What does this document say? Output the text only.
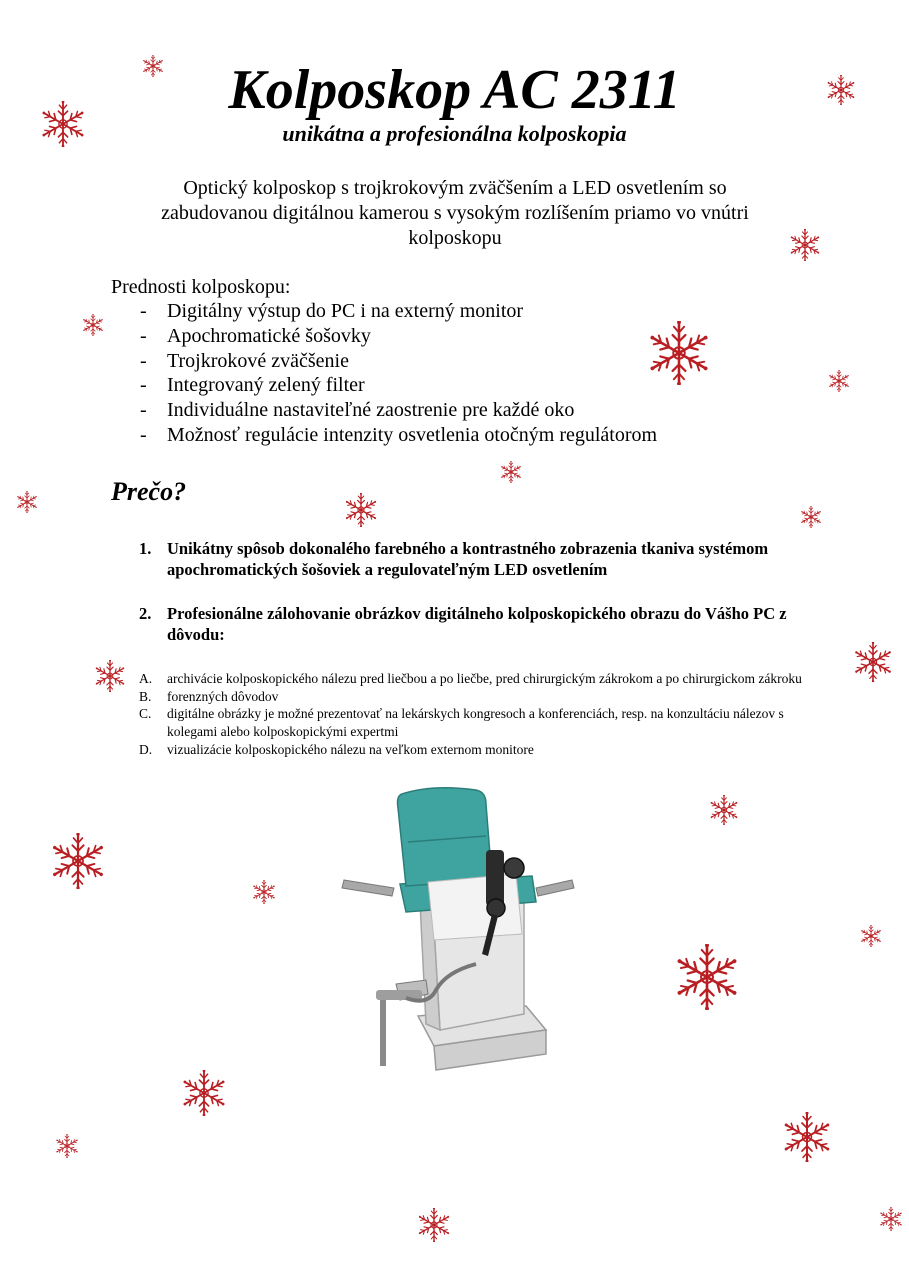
Kolposkop AC 2311
unikátna a profesionálna kolposkopia

Optický kolposkop s trojkrokovým zväčšením a LED osvetlením so zabudovanou digitálnou kamerou s vysokým rozlíšením priamo vo vnútri kolposkopu

Prednosti kolposkopu:
- Digitálny výstup do PC i na externý monitor
- Apochromatické šošovky
- Trojkrokové zväčšenie
- Integrovaný zelený filter
- Individuálne nastaviteľné zaostrenie pre každé oko
- Možnosť regulácie intenzity osvetlenia otočným regulátorom
Prečo?
1. Unikátny spôsob dokonalého farebného a kontrastného zobrazenia tkaniva systémom apochromatických šošoviek a regulovateľným LED osvetlením
2. Profesionálne zálohovanie obrázkov digitálneho kolposkopického obrazu do Vášho PC z dôvodu:
A. archivácie kolposkopického nálezu pred liečbou a po liečbe, pred chirurgickým zákrokom a po chirurgickom zákroku
B. forenzných dôvodov
C. digitálne obrázky je možné prezentovať na lekárskych kongresoch a konferenciách, resp. na konzultáciu nálezov s kolegami alebo kolposkopickými expertmi
D. vizualizácie kolposkopického nálezu na veľkom externom monitore
